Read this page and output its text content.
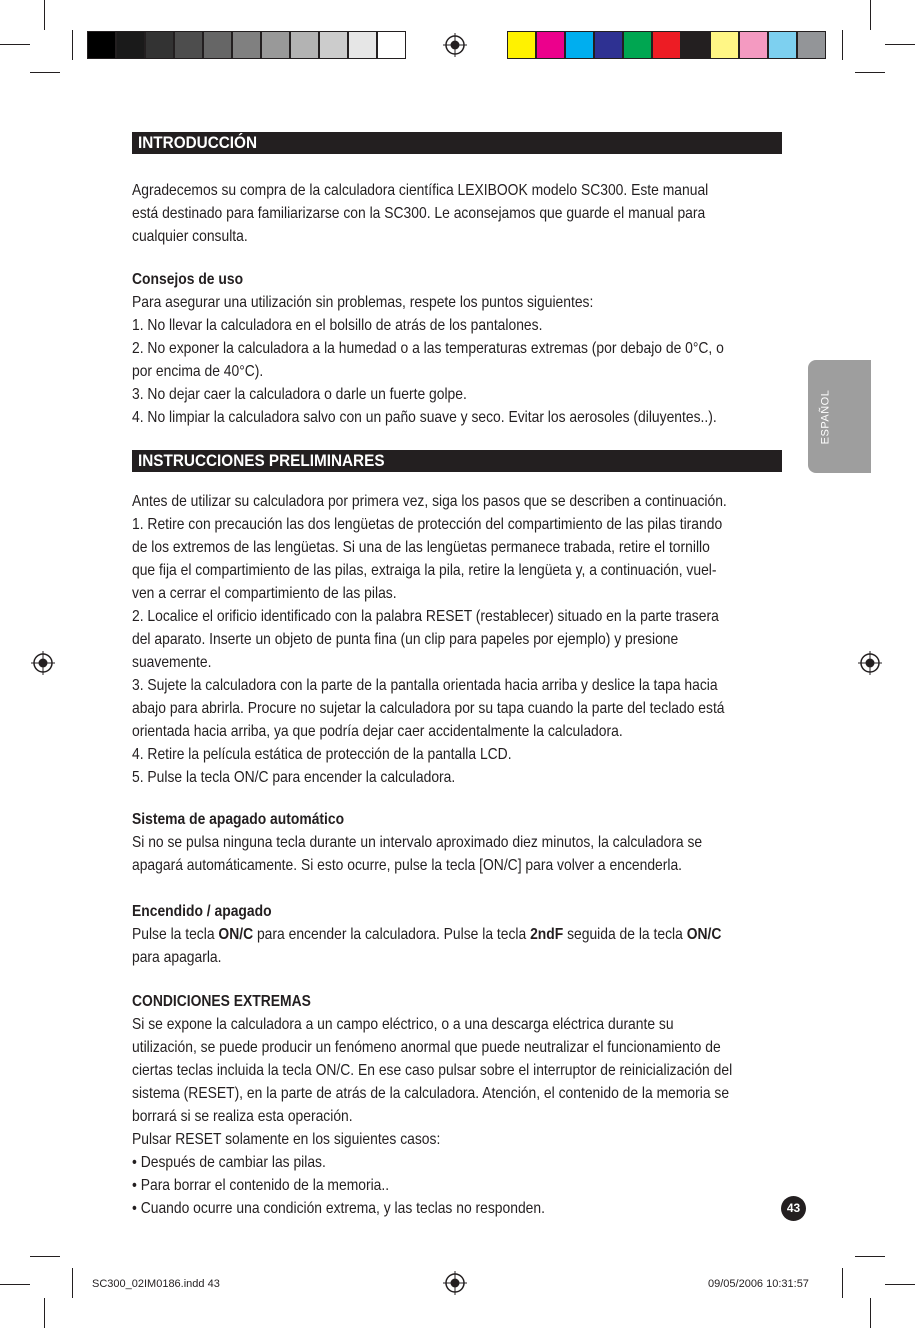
INTRODUCCIÓN

Agradecemos su compra de la calculadora científica LEXIBOOK modelo SC300. Este manual

está destinado para familiarizarse con la SC300. Le aconsejamos que guarde el manual para

cualquier consulta.

Consejos de uso

Para asegurar una utilización sin problemas, respete los puntos siguientes:

1. No llevar la calculadora en el bolsillo de atrás de los pantalones.

2. No exponer la calculadora a la humedad o a las temperaturas extremas (por debajo de 0°C, o

por encima de 40°C).

3. No dejar caer la calculadora o darle un fuerte golpe.

4. No limpiar la calculadora salvo con un paño suave y seco. Evitar los aerosoles (diluyentes..).

INSTRUCCIONES PRELIMINARES

Antes de utilizar su calculadora por primera vez, siga los pasos que se describen a continuación.

1. Retire con precaución las dos lengüetas de protección del compartimiento de las pilas tirando

de los extremos de las lengüetas. Si una de las lengüetas permanece trabada, retire el tornillo

que fija el compartimiento de las pilas, extraiga la pila, retire la lengüeta y, a continuación, vuel-

ven a cerrar el compartimiento de las pilas.

2. Localice el orificio identificado con la palabra RESET (restablecer) situado en la parte trasera

del aparato. Inserte un objeto de punta fina (un clip para papeles por ejemplo) y presione

suavemente.

3. Sujete la calculadora con la parte de la pantalla orientada hacia arriba y deslice la tapa hacia

abajo para abrirla. Procure no sujetar la calculadora por su tapa cuando la parte del teclado está

orientada hacia arriba, ya que podría dejar caer accidentalmente la calculadora.

4. Retire la película estática de protección de la pantalla LCD.

5. Pulse la tecla ON/C para encender la calculadora.

Sistema de apagado automático

Si no se pulsa ninguna tecla durante un intervalo aproximado diez minutos, la calculadora se

apagará automáticamente. Si esto ocurre, pulse la tecla [ON/C] para volver a encenderla.

Encendido / apagado

Pulse la tecla ON/C para encender la calculadora. Pulse la tecla 2ndF seguida de la tecla ON/C

para apagarla.

CONDICIONES EXTREMAS

Si se expone la calculadora a un campo eléctrico, o a una descarga eléctrica durante su

utilización, se puede producir un fenómeno anormal que puede neutralizar el funcionamiento de

ciertas teclas incluida la tecla ON/C. En ese caso pulsar sobre el interruptor de reinicialización del

sistema (RESET), en la parte de atrás de la calculadora. Atención, el contenido de la memoria se

borrará si se realiza esta operación.

Pulsar RESET solamente en los siguientes casos:

• Después de cambiar las pilas.

• Para borrar el contenido de la memoria..

• Cuando ocurre una condición extrema, y las teclas no responden.

ESPAÑOL
43
SC300_02IM0186.indd 43	09/05/2006 10:31:57
